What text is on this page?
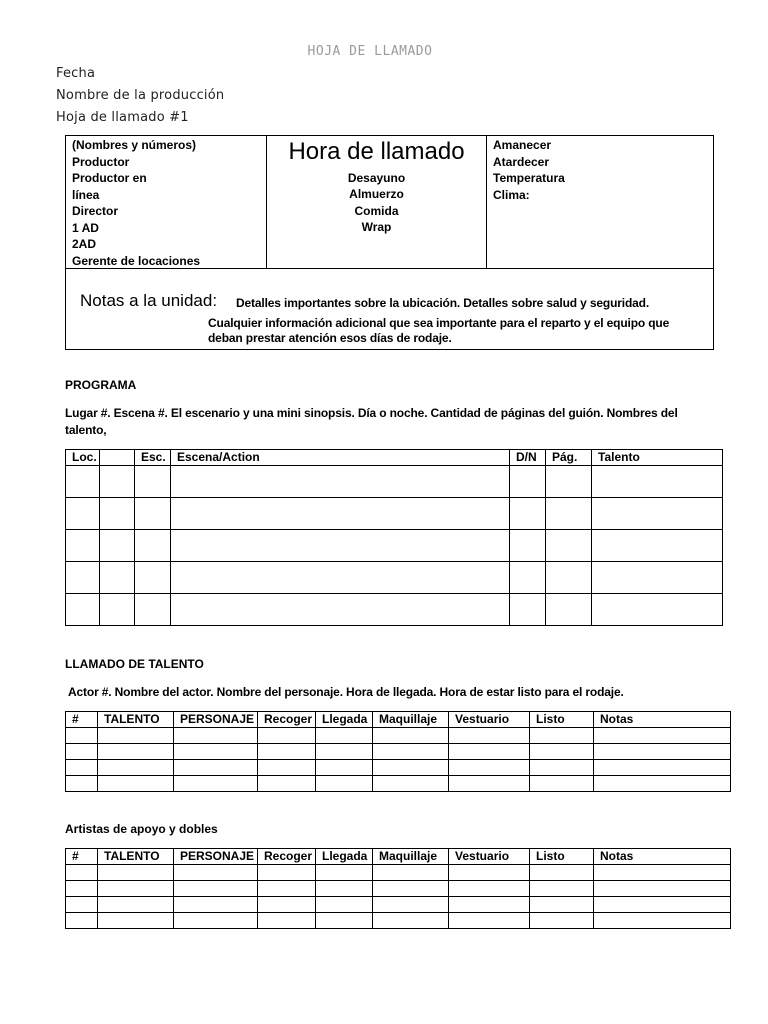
HOJA DE LLAMADO
Fecha
Nombre de la producción
Hoja de llamado #1
(Nombres y números)
Productor
Productor en
línea
Director
1 AD
2AD
Gerente de locaciones
Hora de llamado
Desayuno
Almuerzo
Comida
Wrap
Amanecer
Atardecer
Temperatura
Clima:
Notas a la unidad: Detalles importantes sobre la ubicación. Detalles sobre salud y seguridad.
Cualquier información adicional que sea importante para el reparto y el equipo que
deban prestar atención esos días de rodaje.
PROGRAMA
Lugar #. Escena #. El escenario y una mini sinopsis. Día o noche. Cantidad de páginas del guión. Nombres del talento,
Loc.		Esc.	Escena/Action	D/N	Pág.	Talento

LLAMADO DE TALENTO
Actor #. Nombre del actor. Nombre del personaje. Hora de llegada. Hora de estar listo para el rodaje.
#	TALENTO	PERSONAJE	Recoger	Llegada	Maquillaje	Vestuario	Listo	Notas

Artistas de apoyo y dobles
#	TALENTO	PERSONAJE	Recoger	Llegada	Maquillaje	Vestuario	Listo	Notas
